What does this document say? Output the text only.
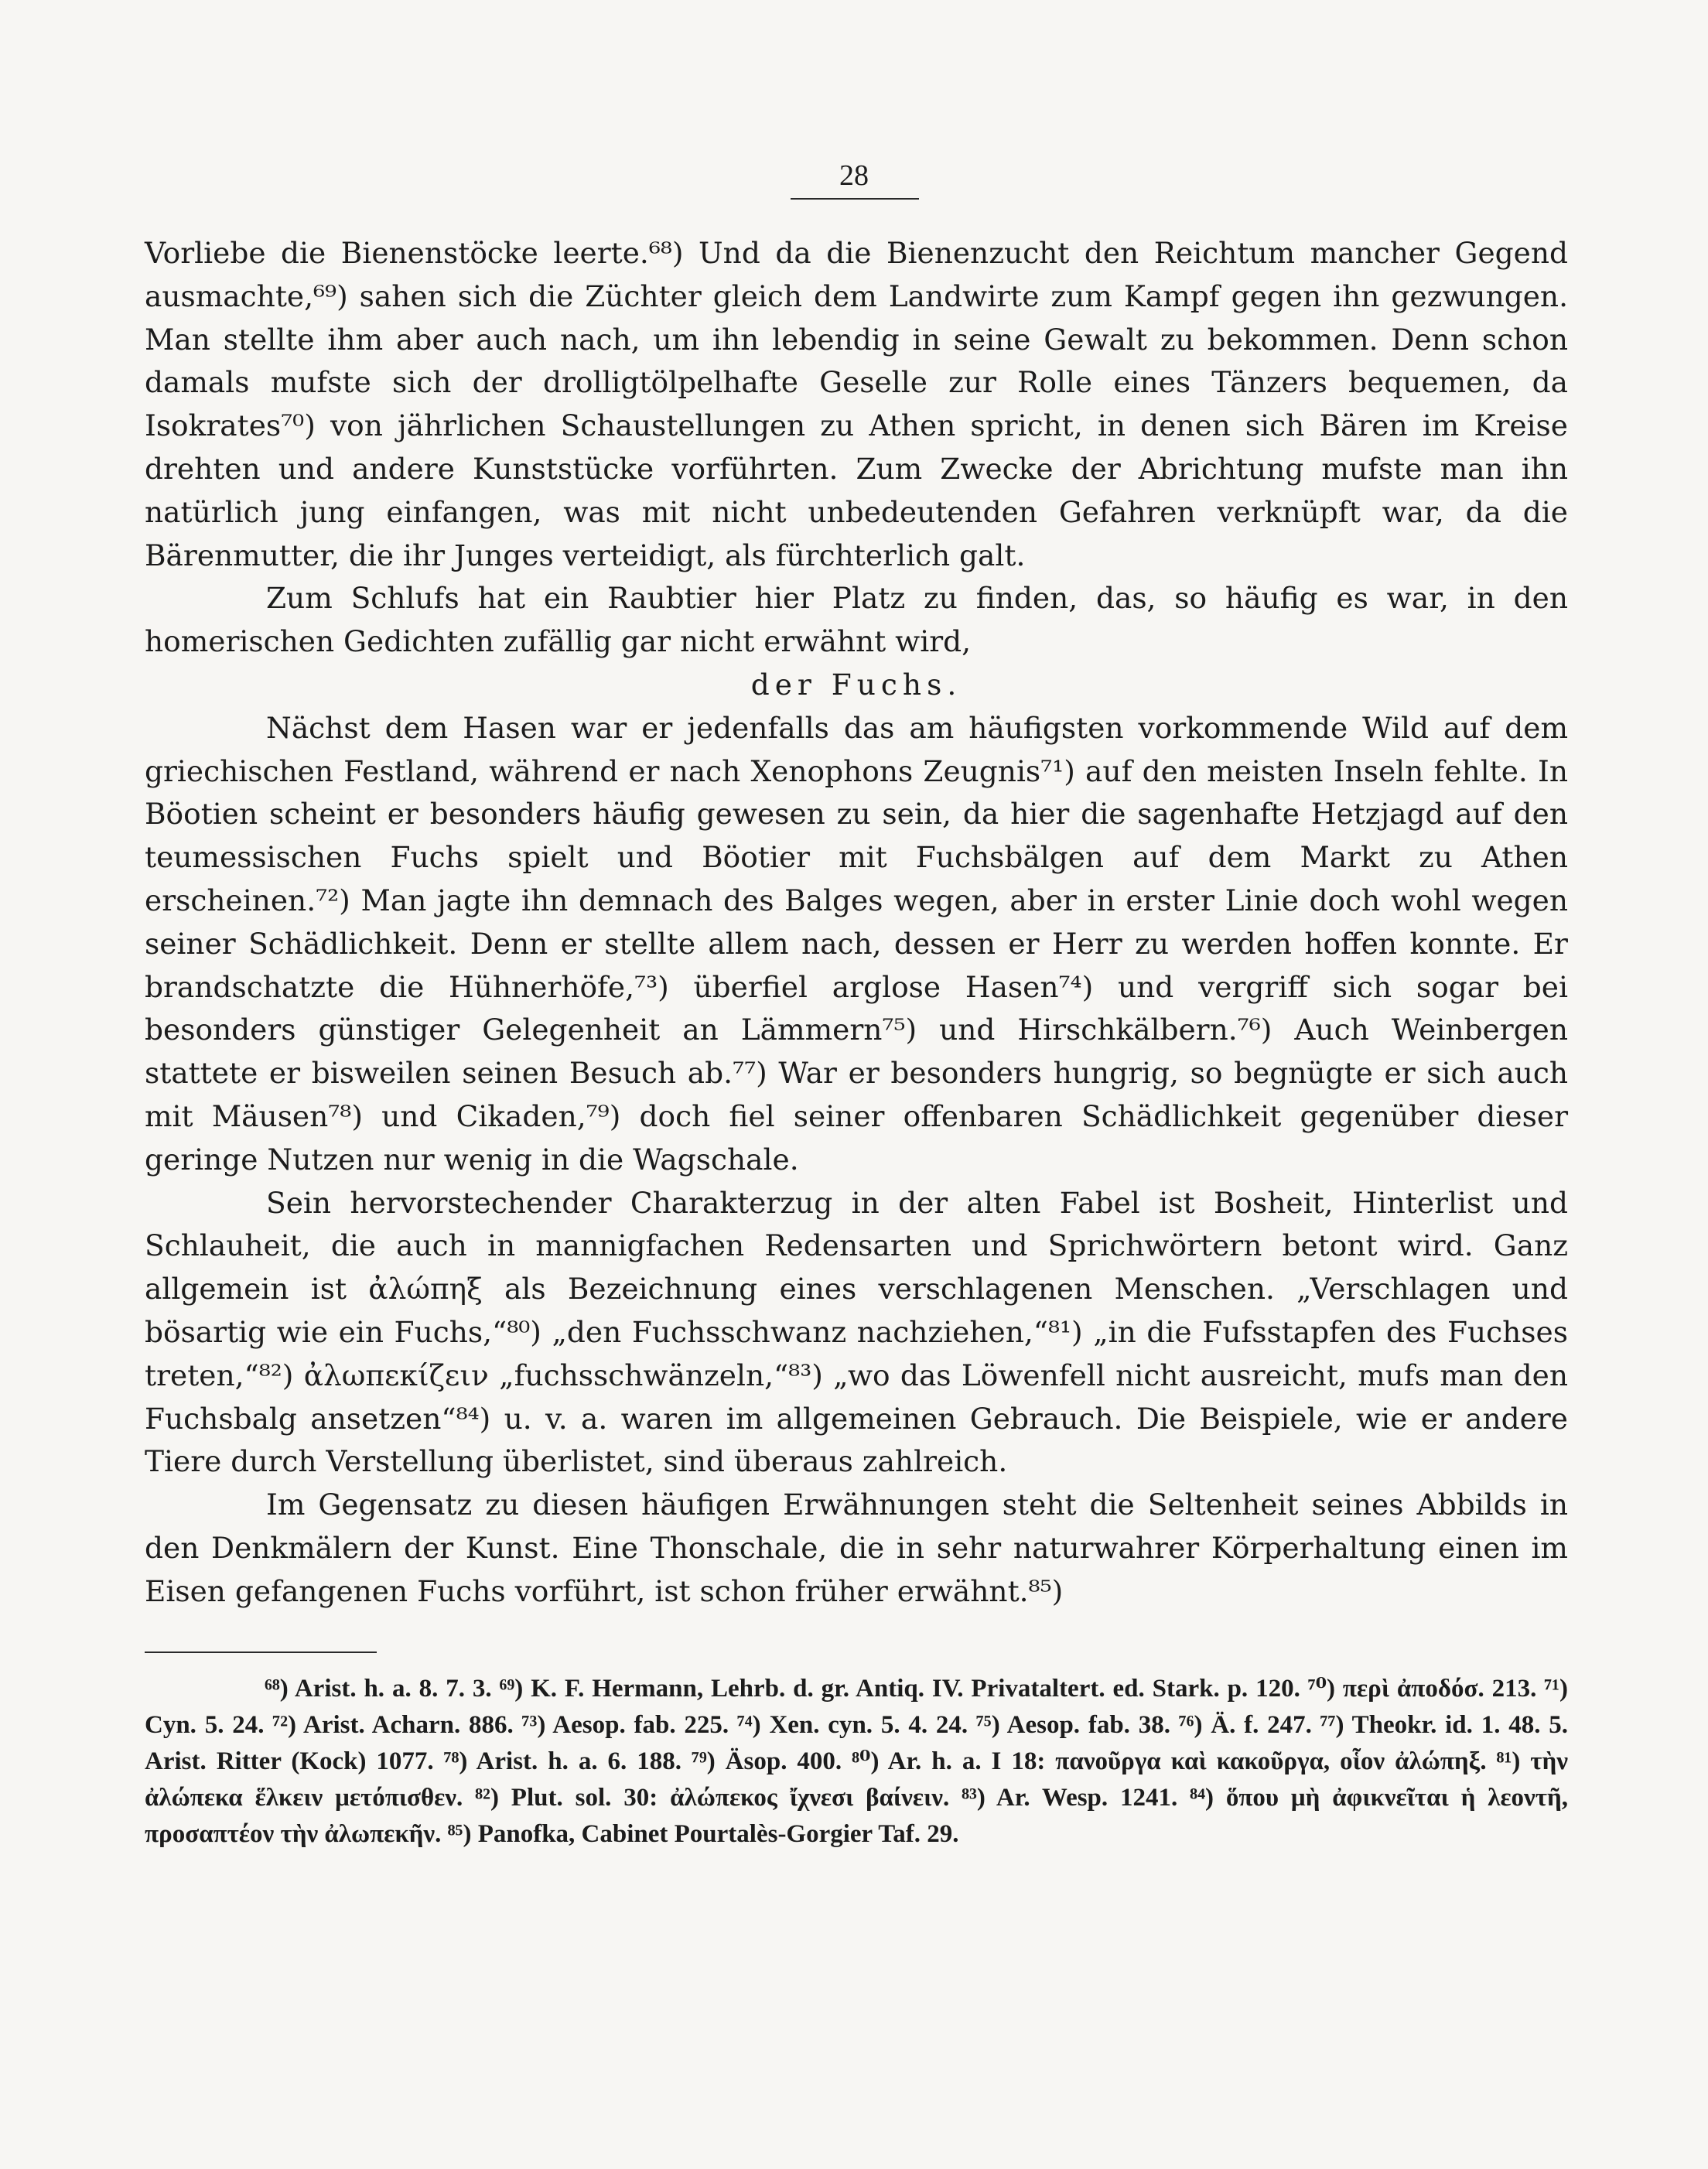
28

Vorliebe die Bienenstöcke leerte.⁶⁸) Und da die Bienenzucht den Reichtum mancher Gegend ausmachte,⁶⁹) sahen sich die Züchter gleich dem Landwirte zum Kampf gegen ihn gezwungen. Man stellte ihm aber auch nach, um ihn lebendig in seine Gewalt zu bekommen. Denn schon damals mufste sich der drolligtölpelhafte Geselle zur Rolle eines Tänzers bequemen, da Isokrates⁷⁰) von jährlichen Schaustellungen zu Athen spricht, in denen sich Bären im Kreise drehten und andere Kunststücke vorführten. Zum Zwecke der Abrichtung mufste man ihn natürlich jung einfangen, was mit nicht unbedeutenden Gefahren verknüpft war, da die Bärenmutter, die ihr Junges verteidigt, als fürchterlich galt.

Zum Schlufs hat ein Raubtier hier Platz zu finden, das, so häufig es war, in den homerischen Gedichten zufällig gar nicht erwähnt wird,

der Fuchs.

Nächst dem Hasen war er jedenfalls das am häufigsten vorkommende Wild auf dem griechischen Festland, während er nach Xenophons Zeugnis⁷¹) auf den meisten Inseln fehlte. In Böotien scheint er besonders häufig gewesen zu sein, da hier die sagenhafte Hetzjagd auf den teumessischen Fuchs spielt und Böotier mit Fuchsbälgen auf dem Markt zu Athen erscheinen.⁷²) Man jagte ihn demnach des Balges wegen, aber in erster Linie doch wohl wegen seiner Schädlichkeit. Denn er stellte allem nach, dessen er Herr zu werden hoffen konnte. Er brandschatzte die Hühnerhöfe,⁷³) überfiel arglose Hasen⁷⁴) und vergriff sich sogar bei besonders günstiger Gelegenheit an Lämmern⁷⁵) und Hirschkälbern.⁷⁶) Auch Weinbergen stattete er bisweilen seinen Besuch ab.⁷⁷) War er besonders hungrig, so begnügte er sich auch mit Mäusen⁷⁸) und Cikaden,⁷⁹) doch fiel seiner offenbaren Schädlichkeit gegenüber dieser geringe Nutzen nur wenig in die Wagschale.

Sein hervorstechender Charakterzug in der alten Fabel ist Bosheit, Hinterlist und Schlauheit, die auch in mannigfachen Redensarten und Sprichwörtern betont wird. Ganz allgemein ist ἀλώπηξ als Bezeichnung eines verschlagenen Menschen. „Verschlagen und bösartig wie ein Fuchs,“⁸⁰) „den Fuchsschwanz nachziehen,“⁸¹) „in die Fufsstapfen des Fuchses treten,“⁸²) ἀλωπεκίζειν „fuchsschwänzeln,“⁸³) „wo das Löwenfell nicht ausreicht, mufs man den Fuchsbalg ansetzen“⁸⁴) u. v. a. waren im allgemeinen Gebrauch. Die Beispiele, wie er andere Tiere durch Verstellung überlistet, sind überaus zahlreich.

Im Gegensatz zu diesen häufigen Erwähnungen steht die Seltenheit seines Abbilds in den Denkmälern der Kunst. Eine Thonschale, die in sehr naturwahrer Körperhaltung einen im Eisen gefangenen Fuchs vorführt, ist schon früher erwähnt.⁸⁵)

⁶⁸) Arist. h. a. 8. 7. 3. ⁶⁹) K. F. Hermann, Lehrb. d. gr. Antiq. IV. Privataltert. ed. Stark. p. 120. ⁷⁰) περὶ ἀποδόσ. 213. ⁷¹) Cyn. 5. 24. ⁷²) Arist. Acharn. 886. ⁷³) Aesop. fab. 225. ⁷⁴) Xen. cyn. 5. 4. 24. ⁷⁵) Aesop. fab. 38. ⁷⁶) Ä. f. 247. ⁷⁷) Theokr. id. 1. 48. 5. Arist. Ritter (Kock) 1077. ⁷⁸) Arist. h. a. 6. 188. ⁷⁹) Äsop. 400. ⁸⁰) Ar. h. a. I 18: πανοῦργα καὶ κακοῦργα, οἷον ἀλώπηξ. ⁸¹) τὴν ἀλώπεκα ἕλκειν μετόπισθεν. ⁸²) Plut. sol. 30: ἀλώπεκος ἴχνεσι βαίνειν. ⁸³) Ar. Wesp. 1241. ⁸⁴) ὅπου μὴ ἀφικνεῖται ἡ λεοντῆ, προσαπτέον τὴν ἀλωπεκῆν. ⁸⁵) Panofka, Cabinet Pourtalès-Gorgier Taf. 29.
